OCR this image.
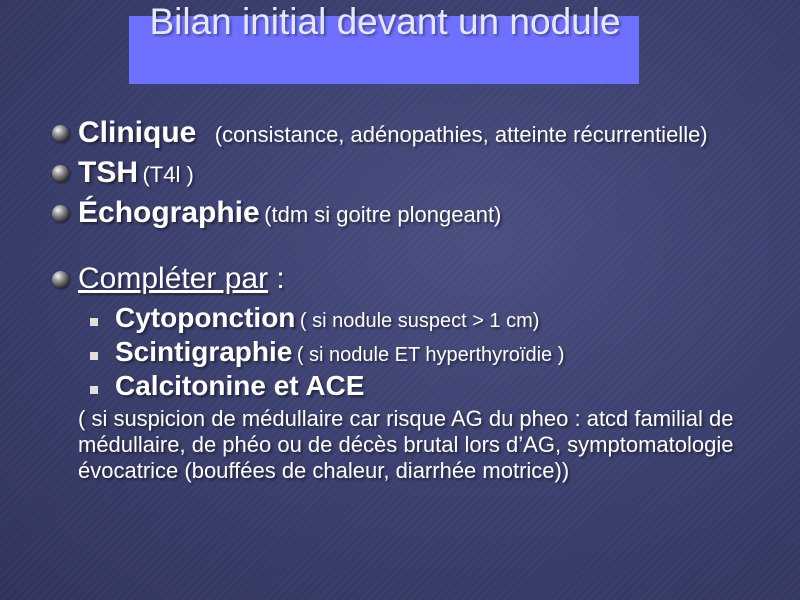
Bilan initial devant un nodule
Clinique (consistance, adénopathies, atteinte récurrentielle)
TSH (T4l )
Échographie (tdm si goitre plongeant)
Compléter par :
Cytoponction ( si nodule suspect > 1 cm)
Scintigraphie ( si nodule ET hyperthyroïdie )
Calcitonine et ACE
( si suspicion de médullaire car risque AG du pheo : atcd familial de médullaire, de phéo ou de décès brutal lors d’AG, symptomatologie évocatrice (bouffées de chaleur, diarrhée motrice))
